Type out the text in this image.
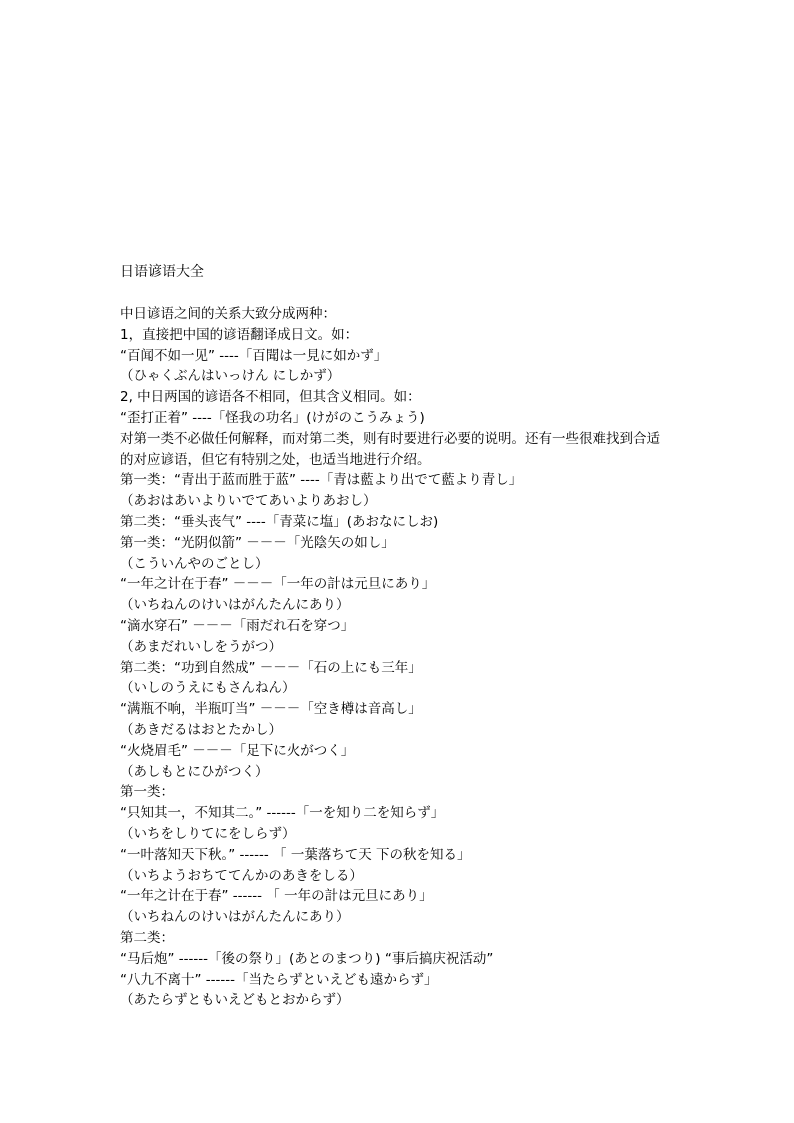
日语谚语大全
中日谚语之间的关系大致分成两种：
1，直接把中国的谚语翻译成日文。如：
“百闻不如一见” ----「百聞は一見に如かず」
（ひゃくぶんはいっけん にしかず）
2, 中日两国的谚语各不相同，但其含义相同。如：
“歪打正着” ----「怪我の功名」(けがのこうみょう)
对第一类不必做任何解释，而对第二类，则有时要进行必要的说明。还有一些很难找到合适
的对应谚语，但它有特别之处，也适当地进行介绍。
第一类：“青出于蓝而胜于蓝” ----「青は藍より出でて藍より青し」
（あおはあいよりいでてあいよりあおし）
第二类：“垂头丧气” ----「青菜に塩」(あおなにしお)
第一类：“光阴似箭” －－－「光陰矢の如し」
（こういんやのごとし）
“一年之计在于春” －－－「一年の計は元旦にあり」
（いちねんのけいはがんたんにあり）
“滴水穿石” －－－「雨だれ石を穿つ」
（あまだれいしをうがつ）
第二类：“功到自然成” －－－「石の上にも三年」
（いしのうえにもさんねん）
“满瓶不响，半瓶叮当” －－－「空き樽は音高し」
（あきだるはおとたかし）
“火烧眉毛” －－－「足下に火がつく」
（あしもとにひがつく）
第一类：
“只知其一，不知其二。” ------「一を知り二を知らず」
（いちをしりてにをしらず）
“一叶落知天下秋。” ------ 「 一葉落ちて天 下の秋を知る」
（いちようおちててんかのあきをしる）
“一年之计在于春” ------ 「 一年の計は元旦にあり」
（いちねんのけいはがんたんにあり）
第二类：
“马后炮” ------「後の祭り」(あとのまつり) “事后搞庆祝活动”
“八九不离十” ------「当たらずといえども遠からず」
（あたらずともいえどもとおからず）
